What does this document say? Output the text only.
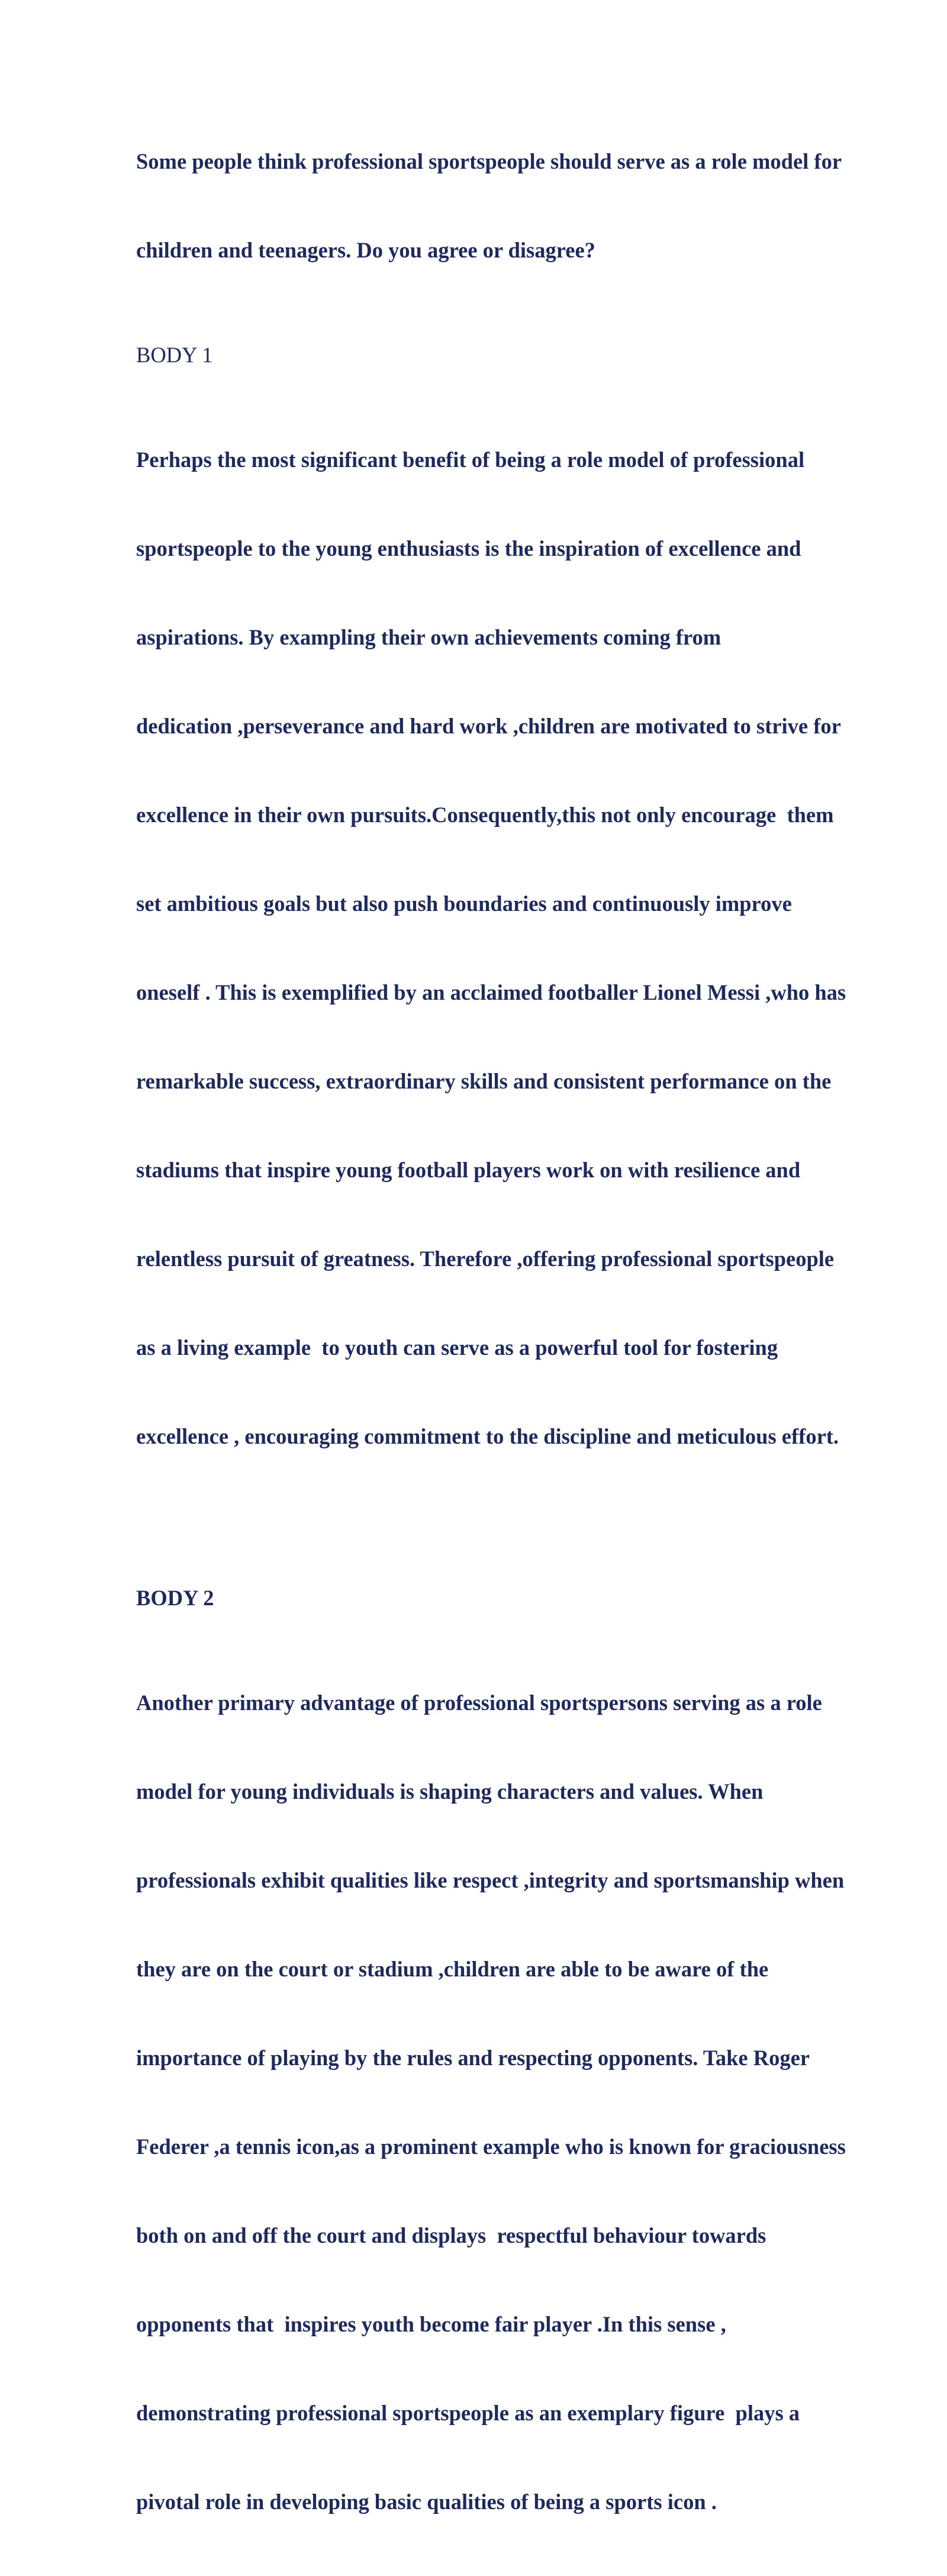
Some people think professional sportspeople should serve as a role model for

children and teenagers. Do you agree or disagree?

BODY 1

Perhaps the most significant benefit of being a role model of professional

sportspeople to the young enthusiasts is the inspiration of excellence and

aspirations. By exampling their own achievements coming from

dedication ,perseverance and hard work ,children are motivated to strive for

excellence in their own pursuits.Consequently,this not only encourage  them

set ambitious goals but also push boundaries and continuously improve

oneself . This is exemplified by an acclaimed footballer Lionel Messi ,who has

remarkable success, extraordinary skills and consistent performance on the

stadiums that inspire young football players work on with resilience and

relentless pursuit of greatness. Therefore ,offering professional sportspeople

as a living example  to youth can serve as a powerful tool for fostering

excellence , encouraging commitment to the discipline and meticulous effort.

BODY 2

Another primary advantage of professional sportspersons serving as a role

model for young individuals is shaping characters and values. When

professionals exhibit qualities like respect ,integrity and sportsmanship when

they are on the court or stadium ,children are able to be aware of the

importance of playing by the rules and respecting opponents. Take Roger

Federer ,a tennis icon,as a prominent example who is known for graciousness

both on and off the court and displays  respectful behaviour towards

opponents that  inspires youth become fair player .In this sense ,

demonstrating professional sportspeople as an exemplary figure  plays a

pivotal role in developing basic qualities of being a sports icon .
